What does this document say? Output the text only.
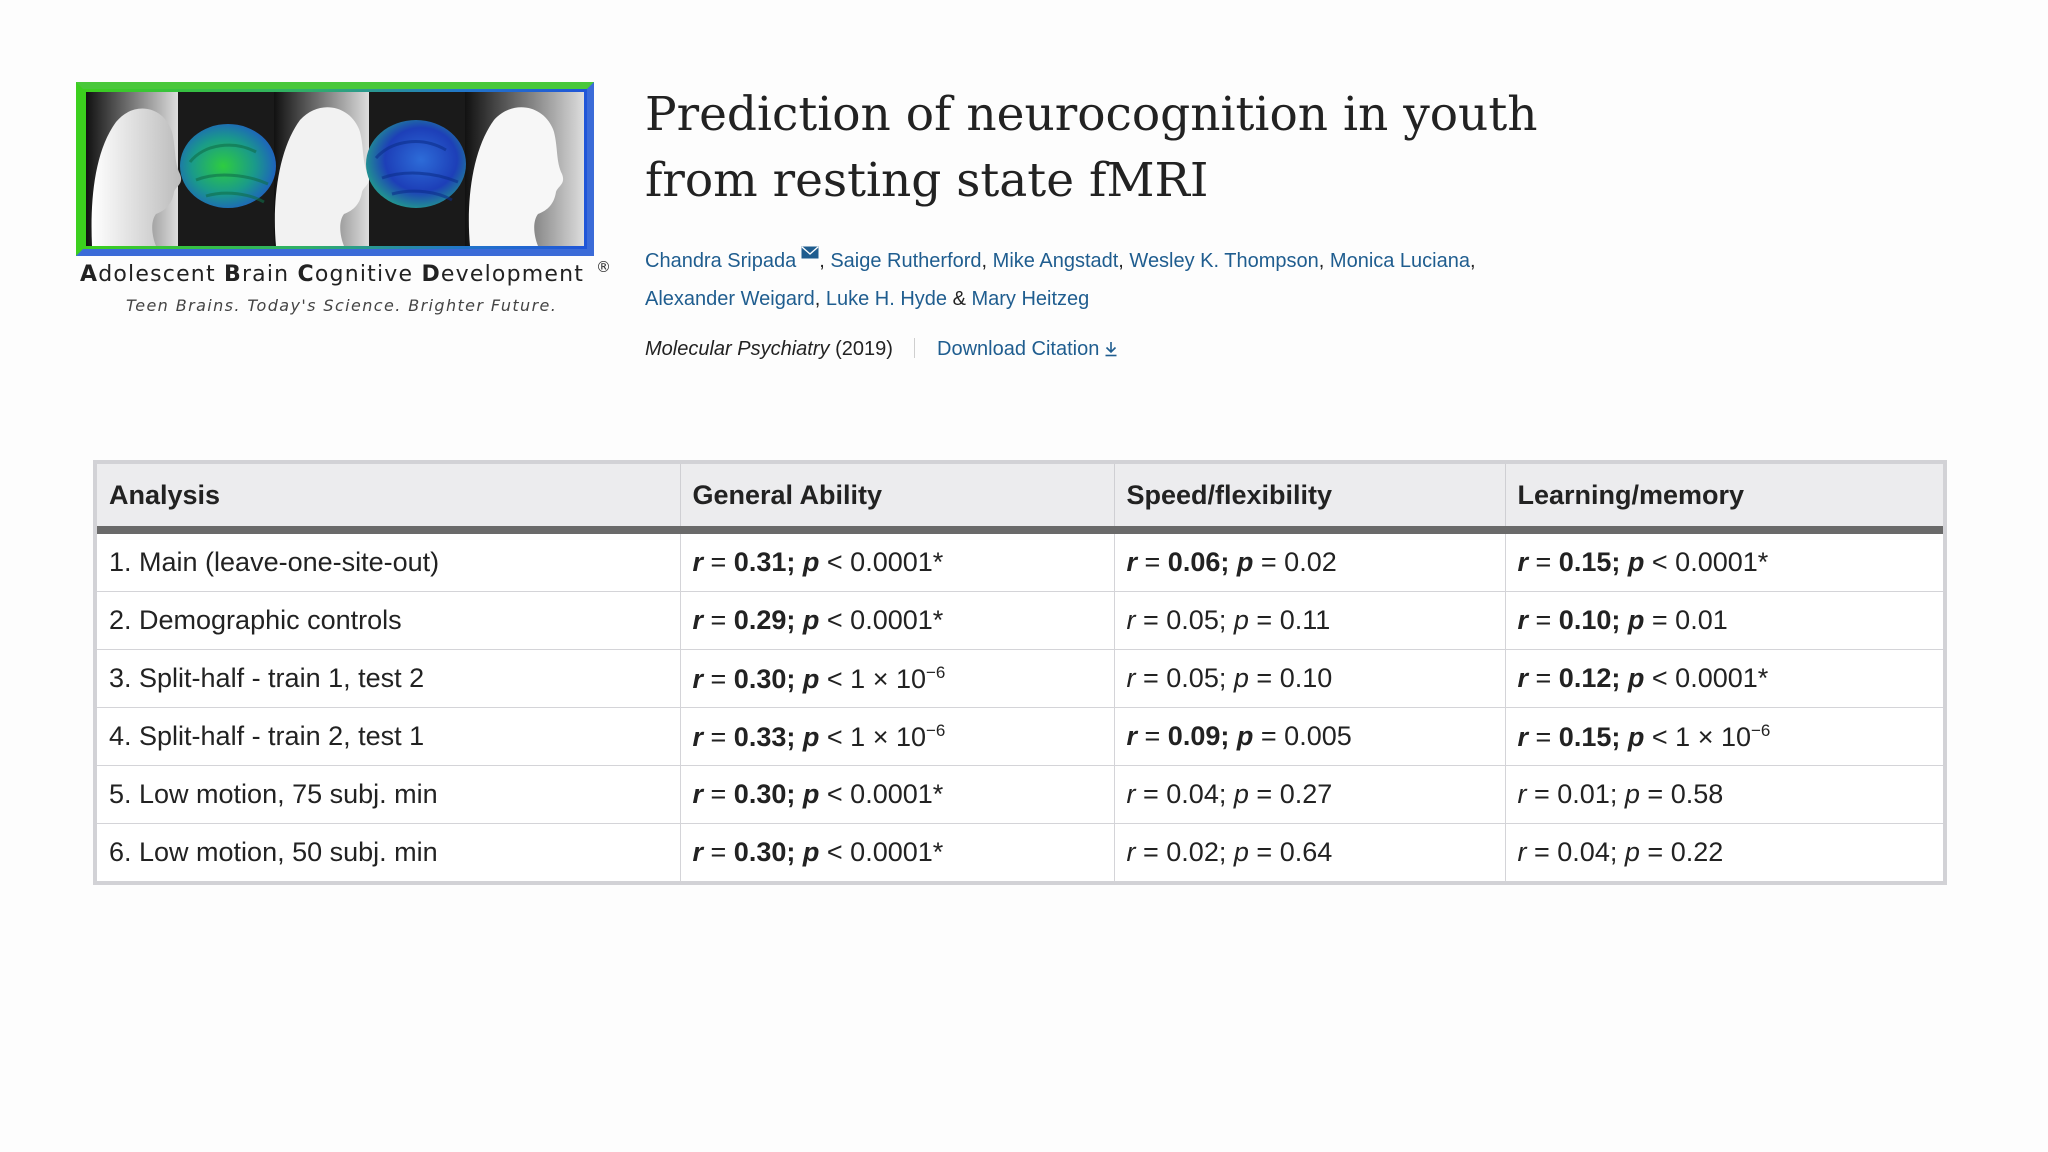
Adolescent Brain Cognitive Development ®
Teen Brains. Today's Science. Brighter Future.
Prediction of neurocognition in youth from resting state fMRI
Chandra Sripada , Saige Rutherford, Mike Angstadt, Wesley K. Thompson, Monica Luciana,
Alexander Weigard, Luke H. Hyde & Mary Heitzeg
Molecular Psychiatry (2019) Download Citation
Analysis	General Ability	Speed/flexibility	Learning/memory
1. Main (leave-one-site-out)	r = 0.31; p < 0.0001*	r = 0.06; p = 0.02	r = 0.15; p < 0.0001*
2. Demographic controls	r = 0.29; p < 0.0001*	r = 0.05; p = 0.11	r = 0.10; p = 0.01
3. Split-half - train 1, test 2	r = 0.30; $p < 1 \times 10^{-6}$	r = 0.05; p = 0.10	r = 0.12; p < 0.0001*
4. Split-half - train 2, test 1	r = 0.33; $p < 1 \times 10^{-6}$	r = 0.09; p = 0.005	r = 0.15; $p < 1 \times 10^{-6}$
5. Low motion, 75 subj. min	r = 0.30; p < 0.0001*	r = 0.04; p = 0.27	r = 0.01; p = 0.58
6. Low motion, 50 subj. min	r = 0.30; p < 0.0001*	r = 0.02; p = 0.64	r = 0.04; p = 0.22
